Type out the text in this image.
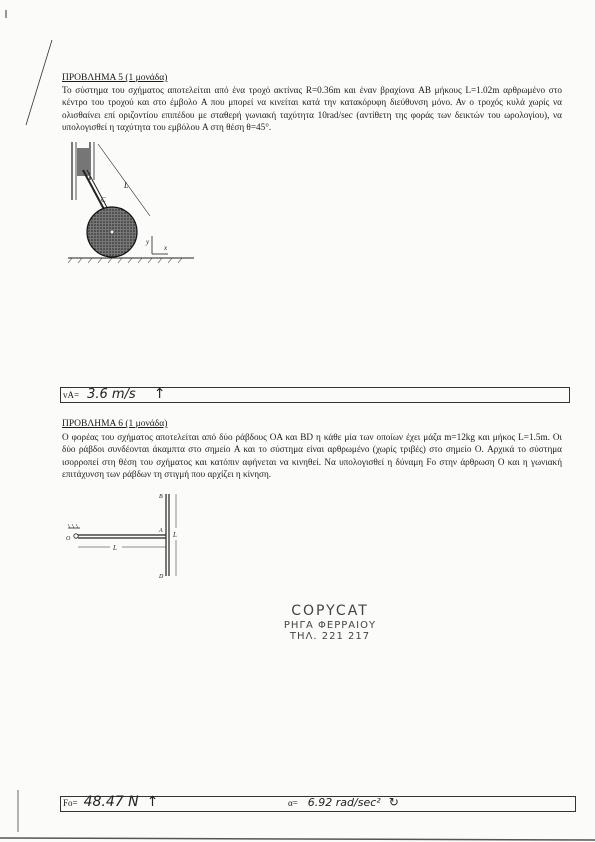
ΠΡΟΒΛΗΜΑ 5 (1 μονάδα)
Το σύστημα του σχήματος αποτελείται από ένα τροχό ακτίνας R=0.36m και έναν βραχίονα AB μήκους L=1.02m αρθρωμένο στο κέντρο του τροχού και στο έμβολο A που μπορεί να κινείται κατά την κατακόρυφη διεύθυνση μόνο. Αν ο τροχός κυλά χωρίς να ολισθαίνει επί οριζοντίου επιπέδου με σταθερή γωνιακή ταχύτητα 10rad/sec (αντίθετη της φοράς των δεικτών του ωρολογίου), να υπολογισθεί η ταχύτητα του εμβόλου A στη θέση θ=45°.
L
C
y
x
vA= 3.6 m/s ↑
ΠΡΟΒΛΗΜΑ 6 (1 μονάδα)
Ο φορέας του σχήματος αποτελείται από δύο ράβδους OA και BD η κάθε μία των οποίων έχει μάζα m=12kg και μήκος L=1.5m. Οι δύο ράβδοι συνδέονται άκαμπτα στο σημείο A και το σύστημα είναι αρθρωμένο (χωρίς τριβές) στο σημείο O. Αρχικά το σύστημα ισορροπεί στη θέση του σχήματος και κατόπιν αφήνεται να κινηθεί. Να υπολογισθεί η δύναμη Fo στην άρθρωση O και η γωνιακή επιτάχυνση των ράβδων τη στιγμή που αρχίζει η κίνηση.
O
A
B
D
L
L
COPYCAT
ΡΗΓΑ ΦΕΡΡΑΙΟΥ
ΤΗΛ. 221 217
Fo= 48.47 N ↑	α= 6.92 rad/sec² ↻
